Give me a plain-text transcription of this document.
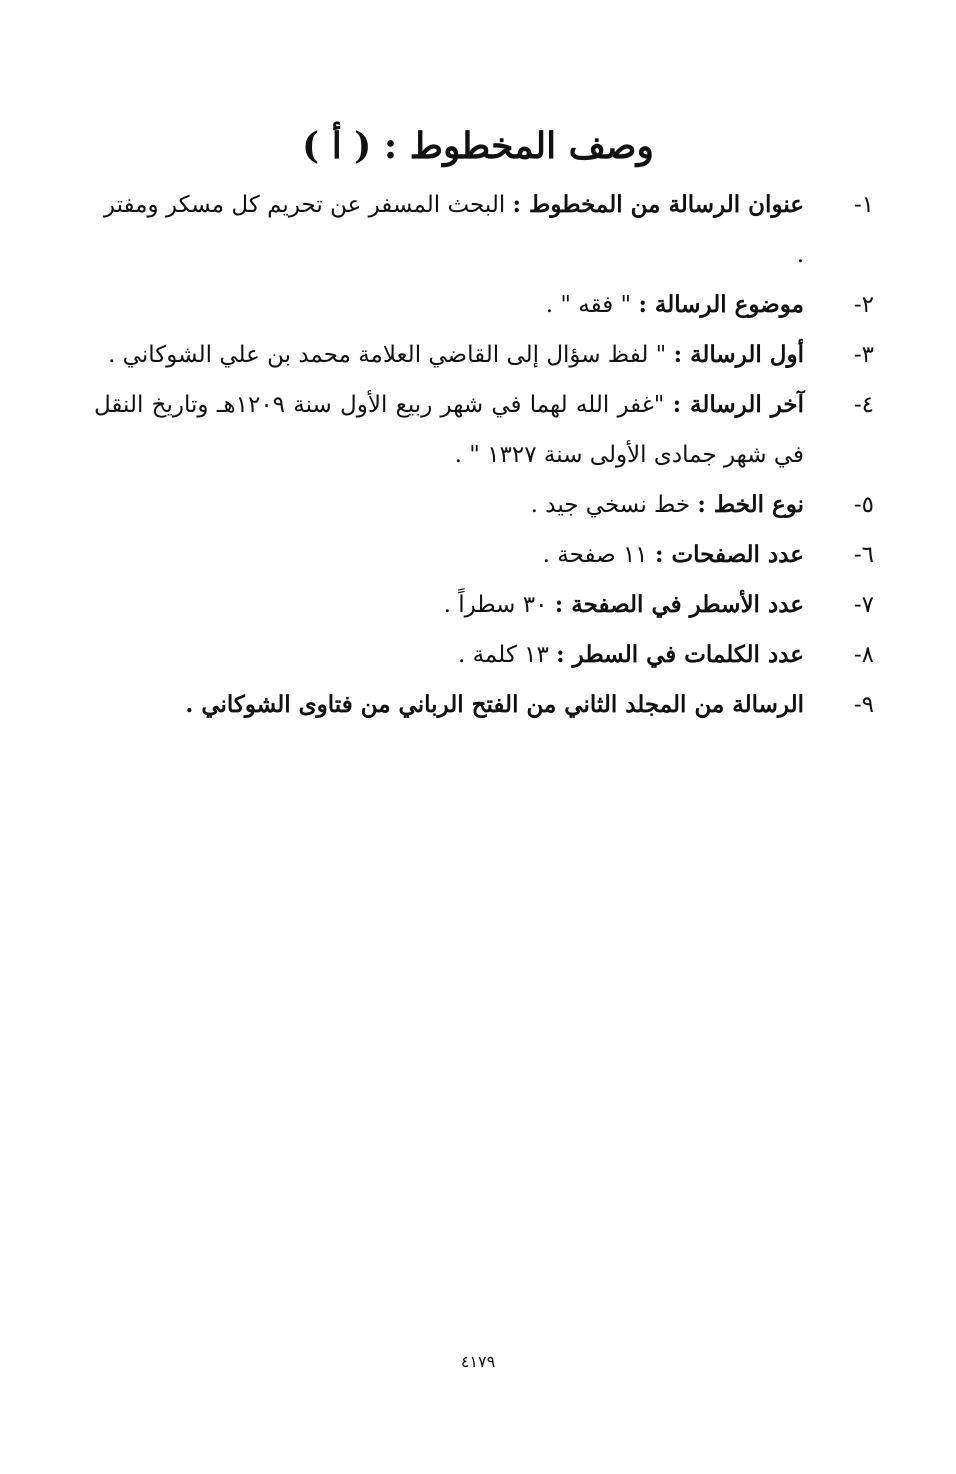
وصف المخطوط : ( أ )
١-
عنوان الرسالة من المخطوط : البحث المسفر عن تحريم كل مسكر ومفتر .
٢-
موضوع الرسالة : " فقه " .
٣-
أول الرسالة : " لفظ سؤال إلى القاضي العلامة محمد بن علي الشوكاني .
٤-
آخر الرسالة : "غفر الله لهما في شهر ربيع الأول سنة ١٢٠٩هـ وتاريخ النقل في شهر جمادى الأولى سنة ١٣٢٧ " .
٥-
نوع الخط : خط نسخي جيد .
٦-
عدد الصفحات : ١١ صفحة .
٧-
عدد الأسطر في الصفحة : ٣٠ سطراً .
٨-
عدد الكلمات في السطر : ١٣ كلمة .
٩-
الرسالة من المجلد الثاني من الفتح الرباني من فتاوى الشوكاني .
٤١٧٩
